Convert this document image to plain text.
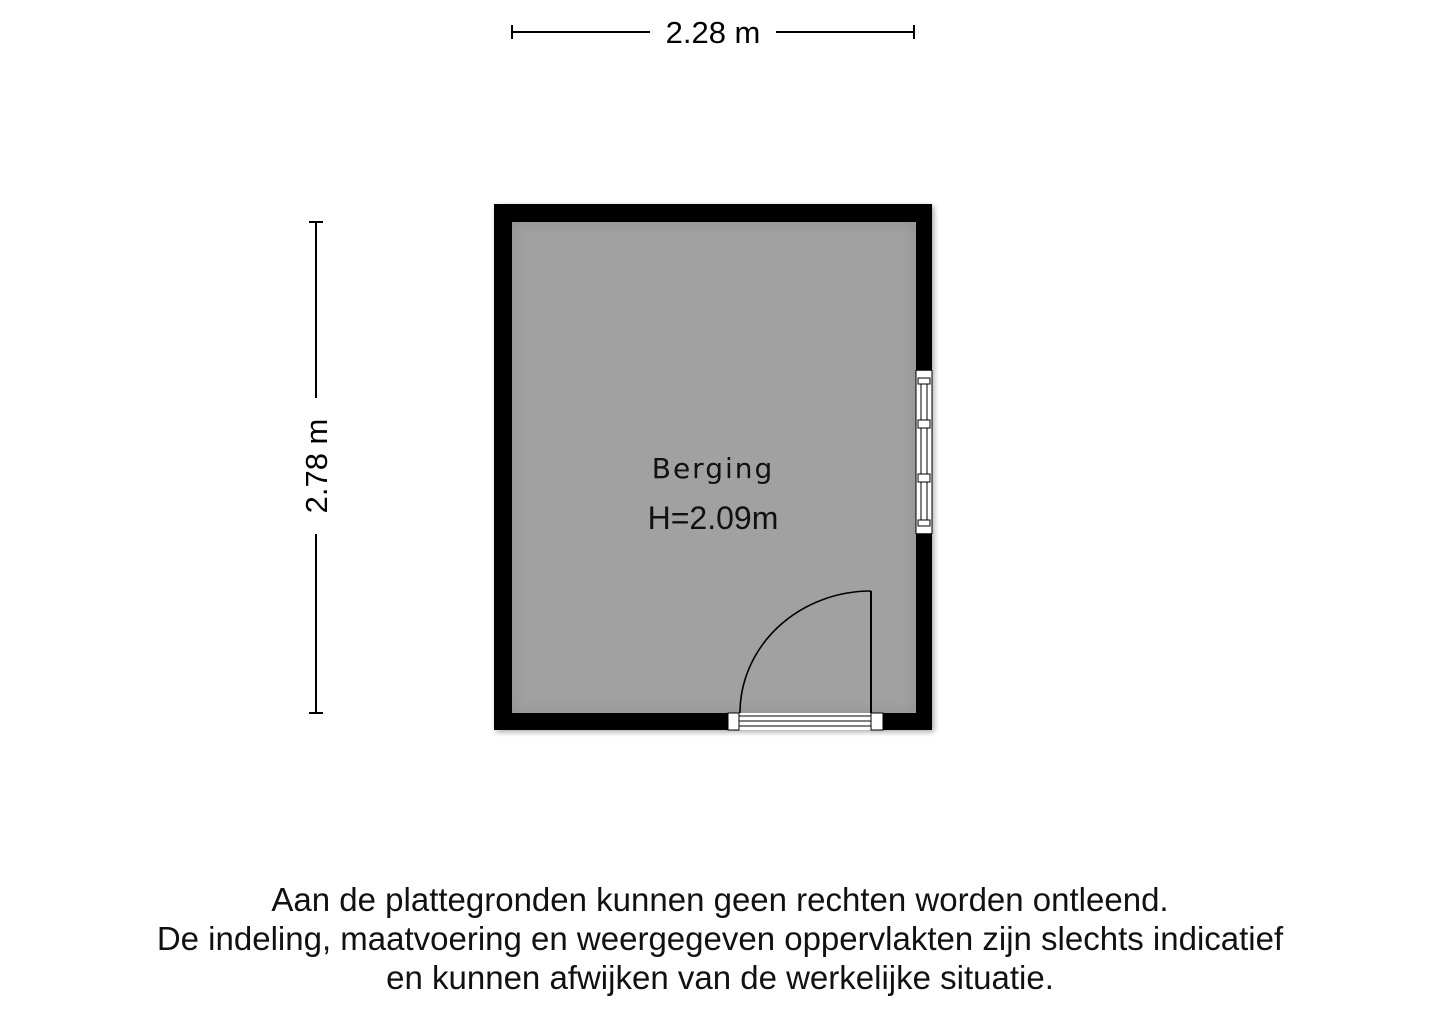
2.28 m
2.78 m	Berging
H=2.09m
Aan de plattegronden kunnen geen rechten worden ontleend.
De indeling, maatvoering en weergegeven oppervlakten zijn slechts indicatief
en kunnen afwijken van de werkelijke situatie.
